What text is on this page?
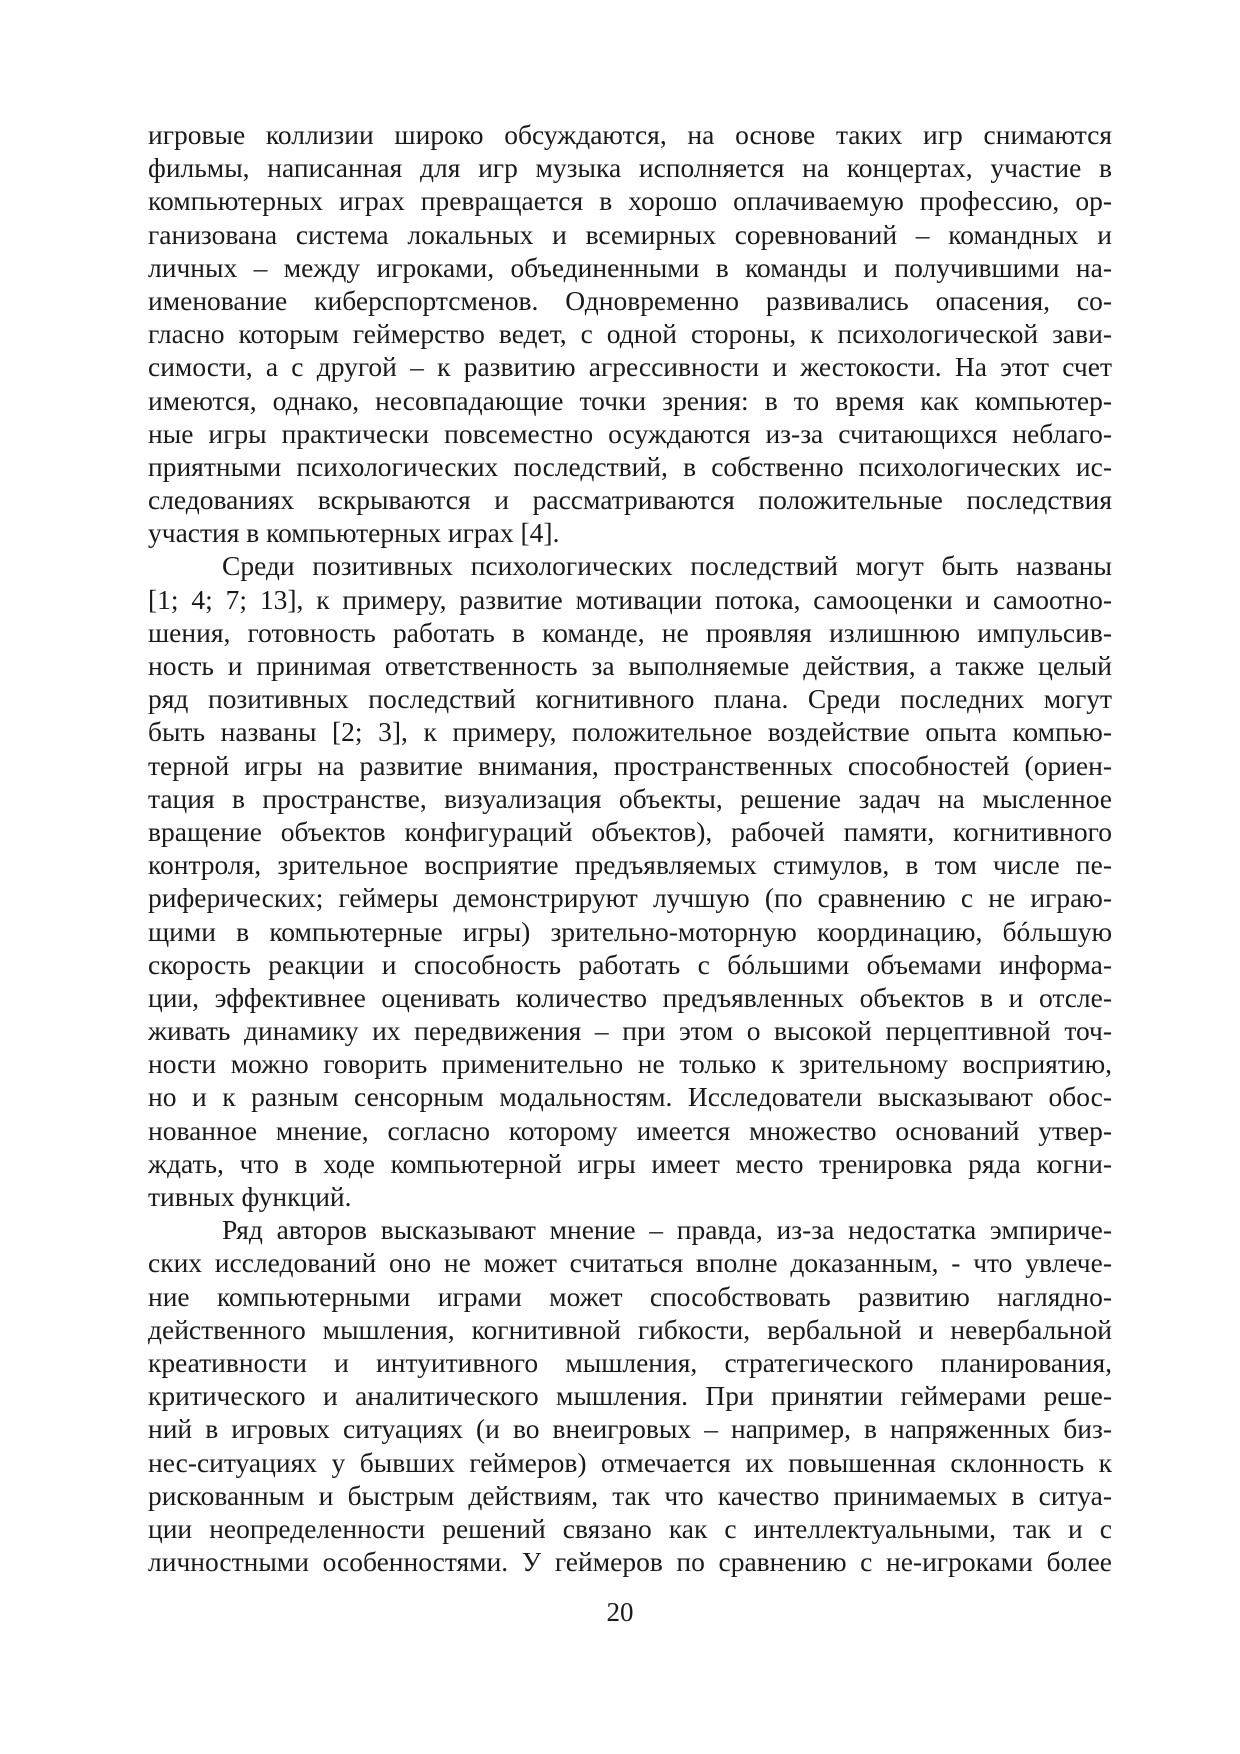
игровые коллизии широко обсуждаются, на основе таких игр снимаются
фильмы, написанная для игр музыка исполняется на концертах, участие в
компьютерных играх превращается в хорошо оплачиваемую профессию, ор-
ганизована система локальных и всемирных соревнований – командных и
личных – между игроками, объединенными в команды и получившими на-
именование киберспортсменов. Одновременно развивались опасения, со-
гласно которым геймерство ведет, с одной стороны, к психологической зави-
симости, а с другой – к развитию агрессивности и жестокости. На этот счет
имеются, однако, несовпадающие точки зрения: в то время как компьютер-
ные игры практически повсеместно осуждаются из-за считающихся неблаго-
приятными психологических последствий, в собственно психологических ис-
следованиях вскрываются и рассматриваются положительные последствия
участия в компьютерных играх [4].
Среди позитивных психологических последствий могут быть названы
[1; 4; 7; 13], к примеру, развитие мотивации потока, самооценки и самоотно-
шения, готовность работать в команде, не проявляя излишнюю импульсив-
ность и принимая ответственность за выполняемые действия, а также целый
ряд позитивных последствий когнитивного плана. Среди последних могут
быть названы [2; 3], к примеру, положительное воздействие опыта компью-
терной игры на развитие внимания, пространственных способностей (ориен-
тация в пространстве, визуализация объекты, решение задач на мысленное
вращение объектов конфигураций объектов), рабочей памяти, когнитивного
контроля, зрительное восприятие предъявляемых стимулов, в том числе пе-
риферических; геймеры демонстрируют лучшую (по сравнению с не играю-
щими в компьютерные игры) зрительно-моторную координацию, бóльшую
скорость реакции и способность работать с бóльшими объемами информа-
ции, эффективнее оценивать количество предъявленных объектов в и отсле-
живать динамику их передвижения – при этом о высокой перцептивной точ-
ности можно говорить применительно не только к зрительному восприятию,
но и к разным сенсорным модальностям. Исследователи высказывают обос-
нованное мнение, согласно которому имеется множество оснований утвер-
ждать, что в ходе компьютерной игры имеет место тренировка ряда когни-
тивных функций.
Ряд авторов высказывают мнение – правда, из-за недостатка эмпириче-
ских исследований оно не может считаться вполне доказанным, - что увлече-
ние компьютерными играми может способствовать развитию наглядно-
действенного мышления, когнитивной гибкости, вербальной и невербальной
креативности и интуитивного мышления, стратегического планирования,
критического и аналитического мышления. При принятии геймерами реше-
ний в игровых ситуациях (и во внеигровых – например, в напряженных биз-
нес-ситуациях у бывших геймеров) отмечается их повышенная склонность к
рискованным и быстрым действиям, так что качество принимаемых в ситуа-
ции неопределенности решений связано как с интеллектуальными, так и с
личностными особенностями. У геймеров по сравнению с не-игроками более
20
